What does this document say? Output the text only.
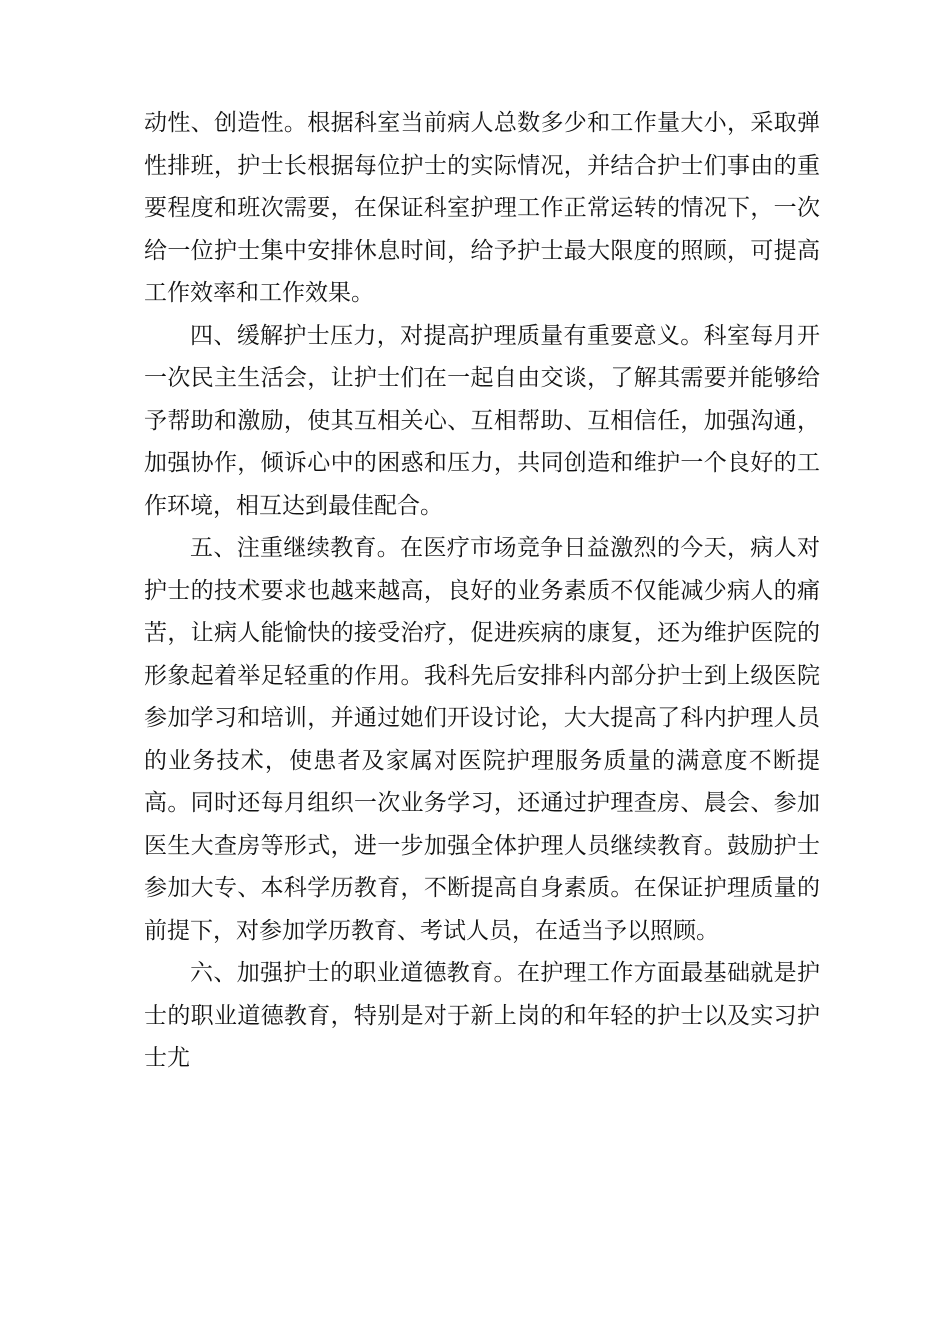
动性、创造性。根据科室当前病人总数多少和工作量大小，采取弹性排班，护士长根据每位护士的实际情况，并结合护士们事由的重要程度和班次需要，在保证科室护理工作正常运转的情况下，一次给一位护士集中安排休息时间，给予护士最大限度的照顾，可提高工作效率和工作效果。

四、缓解护士压力，对提高护理质量有重要意义。科室每月开一次民主生活会，让护士们在一起自由交谈，了解其需要并能够给予帮助和激励，使其互相关心、互相帮助、互相信任，加强沟通，加强协作，倾诉心中的困惑和压力，共同创造和维护一个良好的工作环境，相互达到最佳配合。

五、注重继续教育。在医疗市场竞争日益激烈的今天，病人对护士的技术要求也越来越高，良好的业务素质不仅能减少病人的痛苦，让病人能愉快的接受治疗，促进疾病的康复，还为维护医院的形象起着举足轻重的作用。我科先后安排科内部分护士到上级医院参加学习和培训，并通过她们开设讨论，大大提高了科内护理人员的业务技术，使患者及家属对医院护理服务质量的满意度不断提高。同时还每月组织一次业务学习，还通过护理查房、晨会、参加医生大查房等形式，进一步加强全体护理人员继续教育。鼓励护士参加大专、本科学历教育，不断提高自身素质。在保证护理质量的前提下，对参加学历教育、考试人员，在适当予以照顾。

六、加强护士的职业道德教育。在护理工作方面最基础就是护士的职业道德教育，特别是对于新上岗的和年轻的护士以及实习护士尤
